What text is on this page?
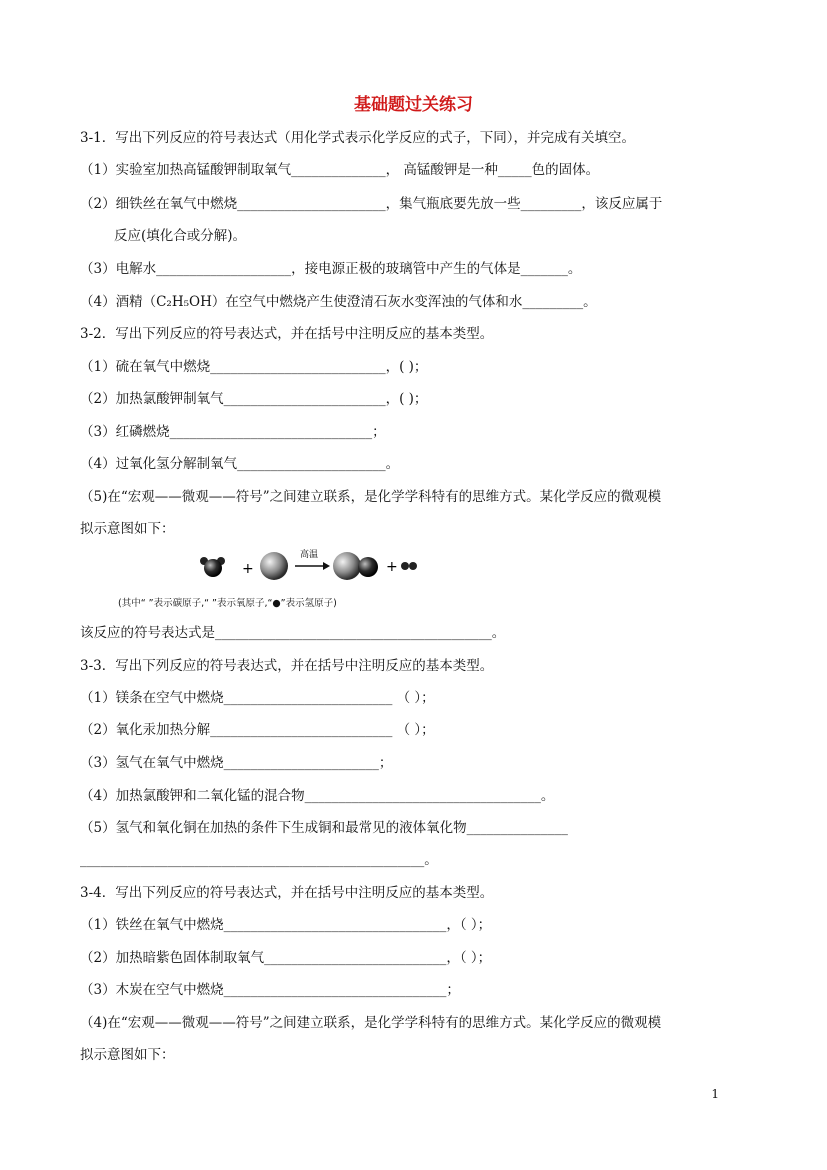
基础题过关练习
3-1．写出下列反应的符号表达式（用化学式表示化学反应的式子，下同），并完成有关填空。
（1）实验室加热高锰酸钾制取氧气______________， 高锰酸钾是一种_____色的固体。
（2）细铁丝在氧气中燃烧______________________，集气瓶底要先放一些_________，该反应属于
反应(填化合或分解)。
（3）电解水____________________，接电源正极的玻璃管中产生的气体是_______。
（4）酒精（C₂H₅OH）在空气中燃烧产生使澄清石灰水变浑浊的气体和水_________。
3-2．写出下列反应的符号表达式，并在括号中注明反应的基本类型。
（1）硫在氧气中燃烧__________________________，( )；
（2）加热氯酸钾制氧气________________________，( )；
（3）红磷燃烧______________________________；
（4）过氧化氢分解制氧气______________________。
（5)在“宏观——微观——符号”之间建立联系，是化学学科特有的思维方式。某化学反应的微观模
拟示意图如下：
+
高温
+
(其中“ ”表示碳原子,“ ”表示氧原子,“●”表示氢原子)
该反应的符号表达式是_________________________________________。
3-3．写出下列反应的符号表达式，并在括号中注明反应的基本类型。
（1）镁条在空气中燃烧_________________________ （ ）；
（2）氧化汞加热分解___________________________ （ ）；
（3）氢气在氧气中燃烧_______________________；
（4）加热氯酸钾和二氧化锰的混合物___________________________________。
（5）氢气和氧化铜在加热的条件下生成铜和最常见的液体氧化物_______________
___________________________________________________。
3-4．写出下列反应的符号表达式，并在括号中注明反应的基本类型。
（1）铁丝在氧气中燃烧_________________________________，（ ）；
（2）加热暗紫色固体制取氧气___________________________，（ ）；
（3）木炭在空气中燃烧_________________________________；
（4)在“宏观——微观——符号”之间建立联系，是化学学科特有的思维方式。某化学反应的微观模
拟示意图如下：
1
